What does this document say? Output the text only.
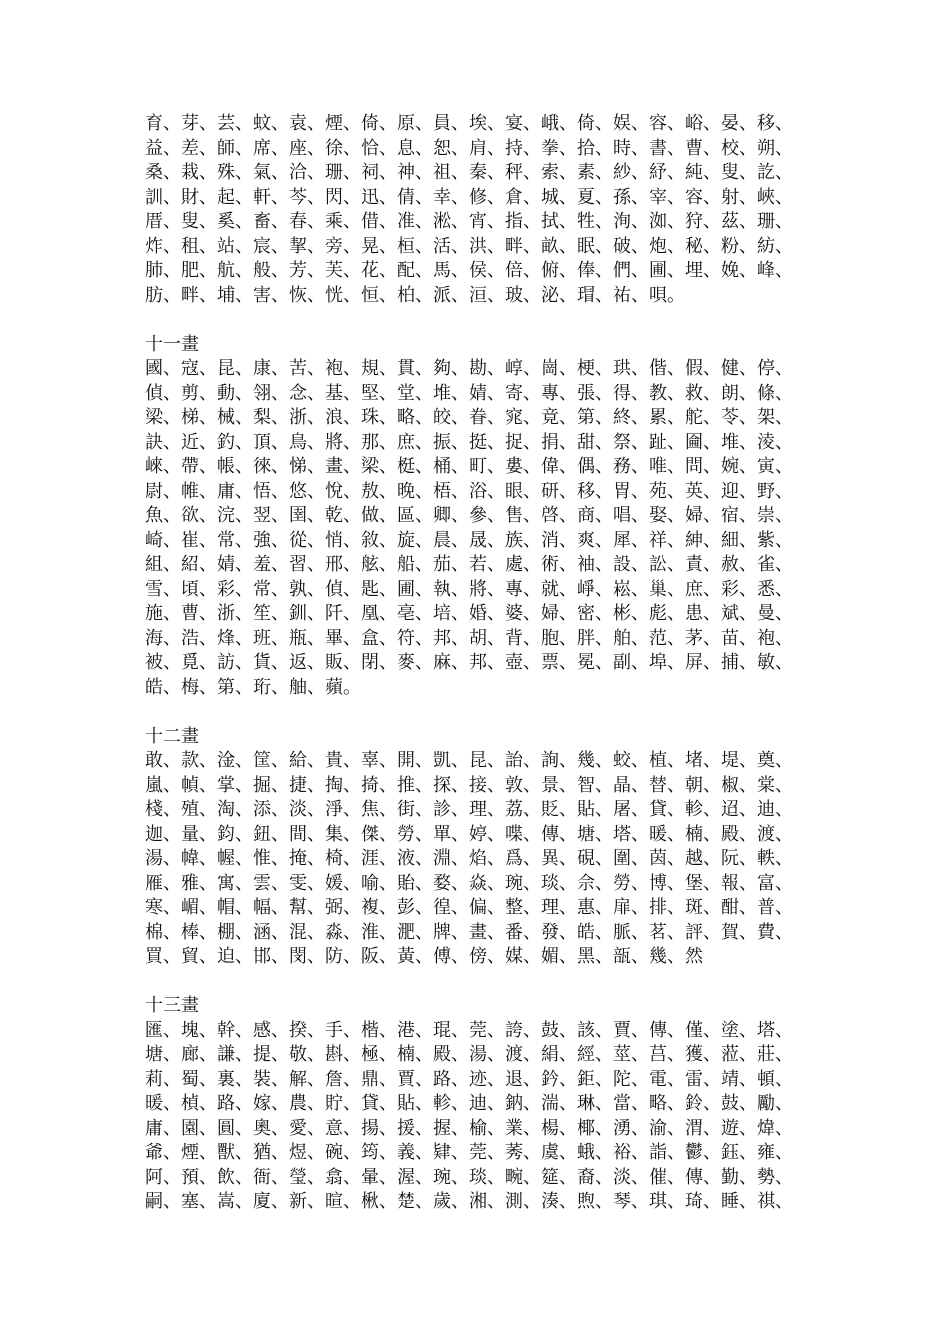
育、芽、芸、蚊、袁、煙、倚、原、員、埃、宴、峨、倚、娱、容、峪、晏、移、
益、差、師、席、座、徐、恰、息、恕、肩、持、拳、拾、時、書、曹、校、朔、
桑、栽、殊、氣、洽、珊、祠、神、祖、秦、秤、索、素、紗、紓、純、叟、訖、
訓、財、起、軒、芩、閃、迅、倩、幸、修、倉、城、夏、孫、宰、容、射、峽、
厝、叟、奚、畜、春、乘、借、准、淞、宵、指、拭、牲、洵、洳、狩、茲、珊、
炸、租、站、宸、挈、旁、晃、桓、活、洪、畔、畝、眠、破、炮、秘、粉、紡、
肺、肥、航、般、芳、芙、花、配、馬、侯、倍、俯、俸、們、圃、埋、娩、峰、
肪、畔、埔、害、恢、恍、恒、柏、派、洹、玻、泌、瑁、祐、唄。
十一畫
國、寇、昆、康、苦、袍、規、貫、夠、勘、崞、崗、梗、珙、偕、假、健、停、
偵、剪、動、翎、念、基、堅、堂、堆、婧、寄、專、張、得、教、救、朗、條、
梁、梯、械、梨、浙、浪、珠、略、皎、眷、窕、竟、第、終、累、舵、苓、架、
訣、近、釣、頂、鳥、將、那、庶、振、挺、捉、捐、甜、祭、趾、圇、堆、淩、
崍、帶、帳、徠、悌、畫、梁、梃、桶、町、婁、偉、偶、務、唯、問、婉、寅、
尉、帷、庸、悟、悠、悅、敖、晚、梧、浴、眼、研、移、胃、苑、英、迎、野、
魚、欲、浣、翌、圉、乾、做、區、卿、參、售、啓、商、唱、娶、婦、宿、崇、
崎、崔、常、強、從、悄、敘、旋、晨、晟、族、消、爽、犀、祥、紳、細、紫、
組、紹、婧、羞、習、邢、舷、船、茄、若、處、術、袖、設、訟、責、赦、雀、
雪、頃、彩、常、孰、偵、匙、圃、執、將、專、就、崢、崧、巢、庶、彩、悉、
施、曹、浙、笙、釧、阡、凰、亳、培、婚、婆、婦、密、彬、彪、患、斌、曼、
海、浩、烽、班、瓶、畢、盒、符、邦、胡、背、胞、胖、舶、范、茅、苗、袍、
被、覓、訪、貨、返、販、閉、麥、麻、邦、壺、票、冕、副、埠、屏、捕、敏、
皓、梅、第、珩、舳、蘋。
十二畫
敢、款、淦、筐、給、貴、辜、開、凱、昆、詒、詢、幾、蛟、植、堵、堤、奠、
嵐、幀、掌、掘、捷、掏、掎、推、探、接、敦、景、智、晶、替、朝、椒、棠、
棧、殖、淘、添、淡、淨、焦、街、診、理、荔、貶、貼、屠、貸、軫、迢、迪、
迦、量、鈞、鈕、間、集、傑、勞、單、婷、喋、傳、塘、塔、暖、楠、殿、渡、
湯、幃、幄、惟、掩、椅、涯、液、淵、焰、爲、異、硯、圍、茵、越、阮、軼、
雁、雅、寓、雲、雯、媛、喻、貽、婺、焱、琬、琰、佘、勞、博、堡、報、富、
寒、嵋、帽、幅、幫、弼、複、彭、徨、偏、整、理、惠、扉、排、斑、酣、普、
棉、棒、棚、涵、混、淼、淮、淝、牌、畫、番、發、皓、脈、茗、評、賀、費、
買、貿、迫、邯、閔、防、阪、黃、傅、傍、媒、媚、黑、瓿、幾、然
十三畫
匯、塊、幹、感、揆、手、楷、港、琨、莞、誇、鼓、該、賈、傳、僅、塗、塔、
塘、廊、謙、提、敬、斟、極、楠、殿、湯、渡、絹、經、莖、莒、獲、蒞、莊、
莉、蜀、裏、裝、解、詹、鼎、賈、路、迹、退、鈐、鉅、陀、電、雷、靖、頓、
暖、楨、路、嫁、農、貯、貸、貼、軫、迪、鈉、湍、琳、當、略、鈴、鼓、勵、
庸、園、圓、奧、愛、意、揚、援、握、榆、業、楊、椰、湧、渝、渭、遊、煒、
爺、煙、獸、猶、煜、碗、筠、義、肄、莞、莠、虞、蛾、裕、詣、鬱、鈺、雍、
阿、預、飲、衙、瑩、翕、暈、渥、琬、琰、畹、筵、裔、淡、催、傳、勤、勢、
嗣、塞、嵩、廈、新、暄、楸、楚、歲、湘、測、湊、煦、琴、琪、琦、睡、祺、
